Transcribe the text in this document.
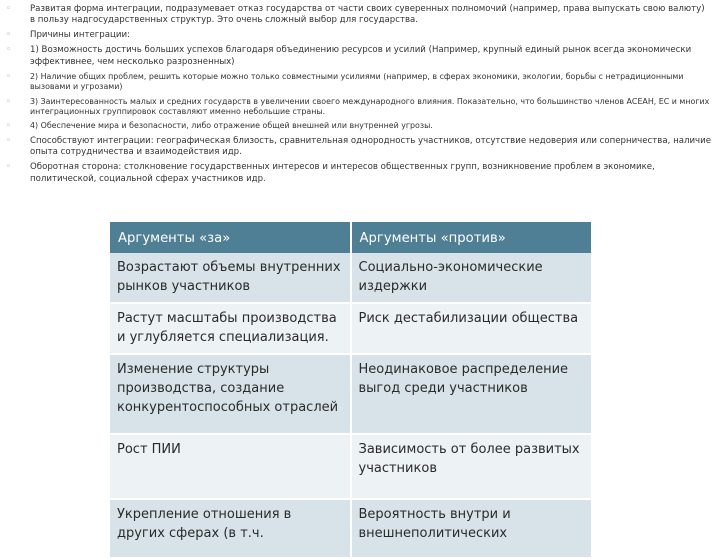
◦	Развитая форма интеграции, подразумевает отказ государства от части своих суверенных полномочий (например, права выпускать свою валюту) в пользу надгосударственных структур. Это очень сложный выбор для государства.
◦	Причины интеграции:
◦	1) Возможность достичь больших успехов благодаря объединению ресурсов и усилий (Например, крупный единый рынок всегда экономически эффективнее, чем несколько разрозненных)
◦	2) Наличие общих проблем, решить которые можно только совместными усилиями (например, в сферах экономики, экологии, борьбы с нетрадиционными вызовами и угрозами)
◦	3) Заинтересованность малых и средних государств в увеличении своего международного влияния. Показательно, что большинство членов АСЕАН, ЕС и многих интеграционных группировок составляют именно небольшие страны.
◦	4) Обеспечение мира и безопасности, либо отражение общей внешней или внутренней угрозы.
◦	Способствуют интеграции: географическая близость, сравнительная однородность участников, отсутствие недоверия или соперничества, наличие опыта сотрудничества и взаимодействия идр.
◦	Оборотная сторона: столкновение государственных интересов и интересов общественных групп, возникновение проблем в экономике, политической, социальной сферах участников идр.
Аргументы «за»	Аргументы «против»
Возрастают объемы внутренних рынков участников	Социально-экономические издержки
Растут масштабы производства и углубляется специализация.	Риск дестабилизации общества
Изменение структуры производства, создание конкурентоспособных отраслей	Неодинаковое распределение выгод среди участников
Рост ПИИ	Зависимость от более развитых участников
Укрепление отношения в других сферах (в т.ч.	Вероятность внутри и внешнеполитических
